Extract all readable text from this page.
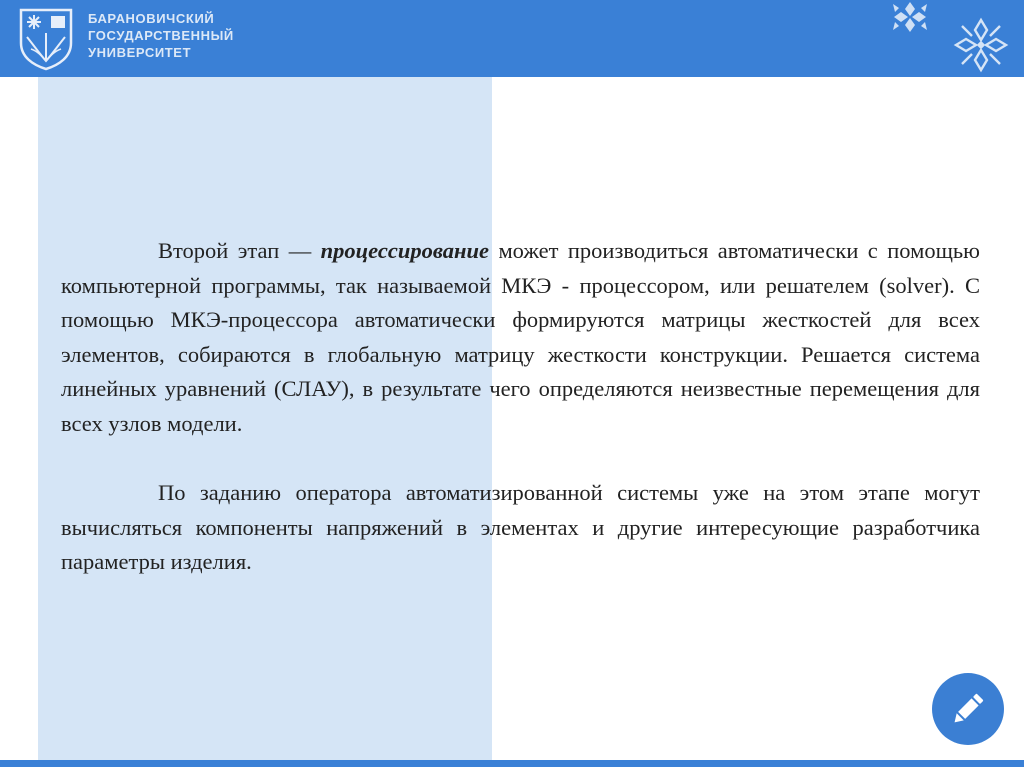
БАРАНОВИЧСКИЙ
ГОСУДАРСТВЕННЫЙ
УНИВЕРСИТЕТ

Второй этап — процессирование может производиться автоматически с помощью компьютерной программы, так называемой МКЭ - процессором, или решателем (solver). С помощью МКЭ-процессора автоматически формируются матрицы жесткостей для всех элементов, собираются в глобальную матрицу жесткости конструкции. Решается система линейных уравнений (СЛАУ), в результате чего определяются неизвестные перемещения для всех узлов модели.

По заданию оператора автоматизированной системы уже на этом этапе могут вычисляться компоненты напряжений в элементах и другие интересующие разработчика параметры изделия.
